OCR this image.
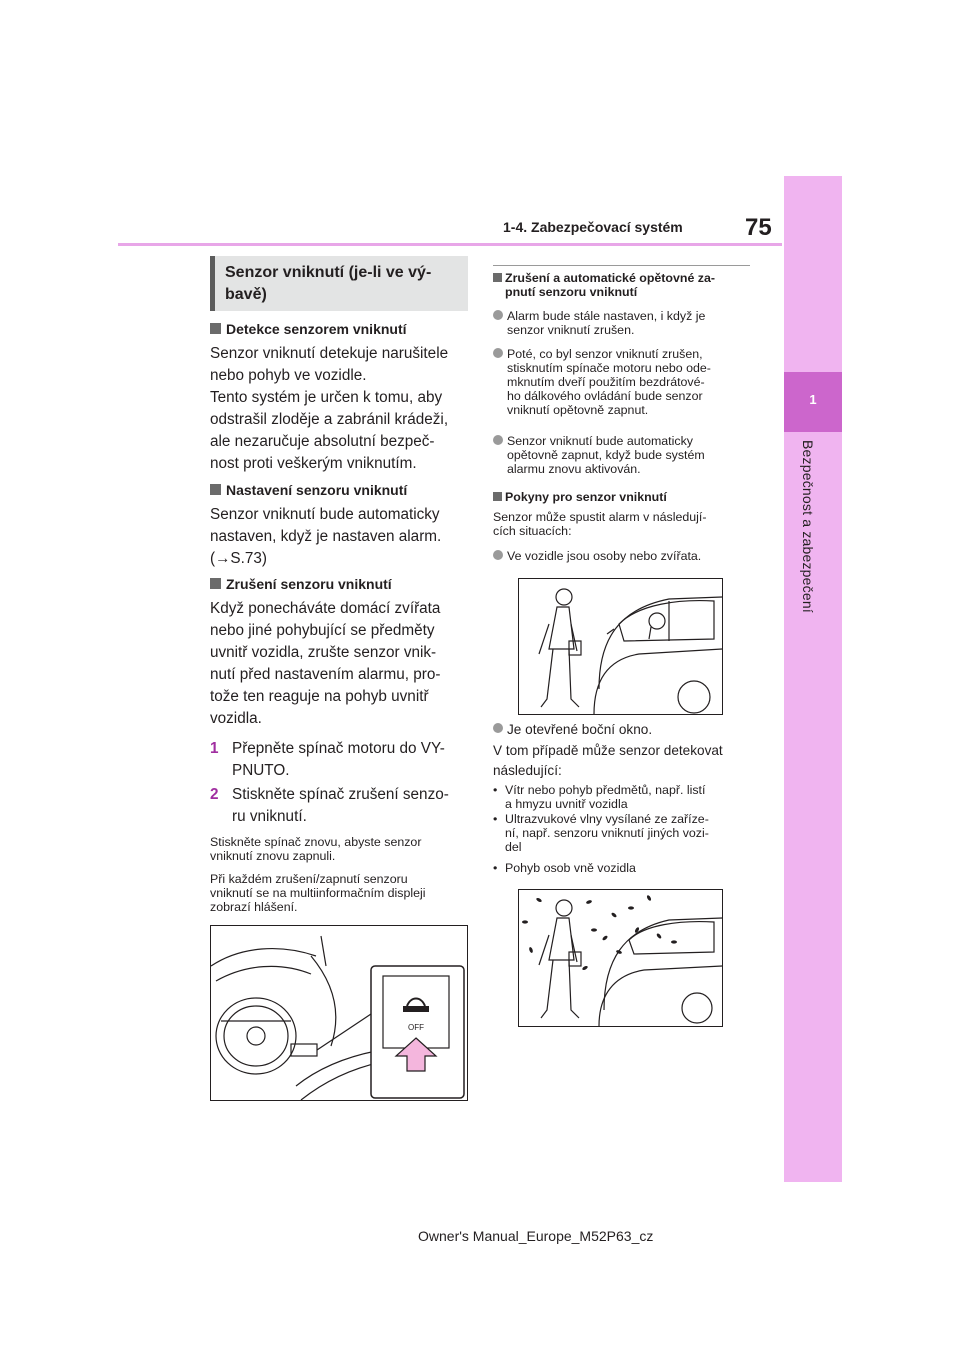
1-4. Zabezpečovací systém	75
1
Bezpečnost a zabezpečení
Senzor vniknutí (je-li ve vý-
bavě)
Detekce senzorem vniknutí
Senzor vniknutí detekuje narušitele
nebo pohyb ve vozidle.
Tento systém je určen k tomu, aby
odstrašil zloděje a zabránil krádeži,
ale nezaručuje absolutní bezpeč-
nost proti veškerým vniknutím.
Nastavení senzoru vniknutí
Senzor vniknutí bude automaticky
nastaven, když je nastaven alarm.
(→S.73)
Zrušení senzoru vniknutí
Když ponecháváte domácí zvířata
nebo jiné pohybující se předměty
uvnitř vozidla, zrušte senzor vnik-
nutí před nastavením alarmu, pro-
tože ten reaguje na pohyb uvnitř
vozidla.
1 Přepněte spínač motoru do VY-
PNUTO.
2 Stiskněte spínač zrušení senzo-
ru vniknutí.
Stiskněte spínač znovu, abyste senzor
vniknutí znovu zapnuli.
Při každém zrušení/zapnutí senzoru
vniknutí se na multiinformačním displeji
zobrazí hlášení.
OFF
Zrušení a automatické opětovné za-
pnutí senzoru vniknutí
Alarm bude stále nastaven, i když je
senzor vniknutí zrušen.
Poté, co byl senzor vniknutí zrušen,
stisknutím spínače motoru nebo ode-
mknutím dveří použitím bezdrátové-
ho dálkového ovládání bude senzor
vniknutí opětovně zapnut.
Senzor vniknutí bude automaticky
opětovně zapnut, když bude systém
alarmu znovu aktivován.
Pokyny pro senzor vniknutí
Senzor může spustit alarm v následují-
cích situacích:
Ve vozidle jsou osoby nebo zvířata.
Je otevřené boční okno.
V tom případě může senzor detekovat
následující:
• Vítr nebo pohyb předmětů, např. listí
a hmyzu uvnitř vozidla
• Ultrazvukové vlny vysílané ze zaříze-
ní, např. senzoru vniknutí jiných vozi-
del
• Pohyb osob vně vozidla
Owner's Manual_Europe_M52P63_cz
